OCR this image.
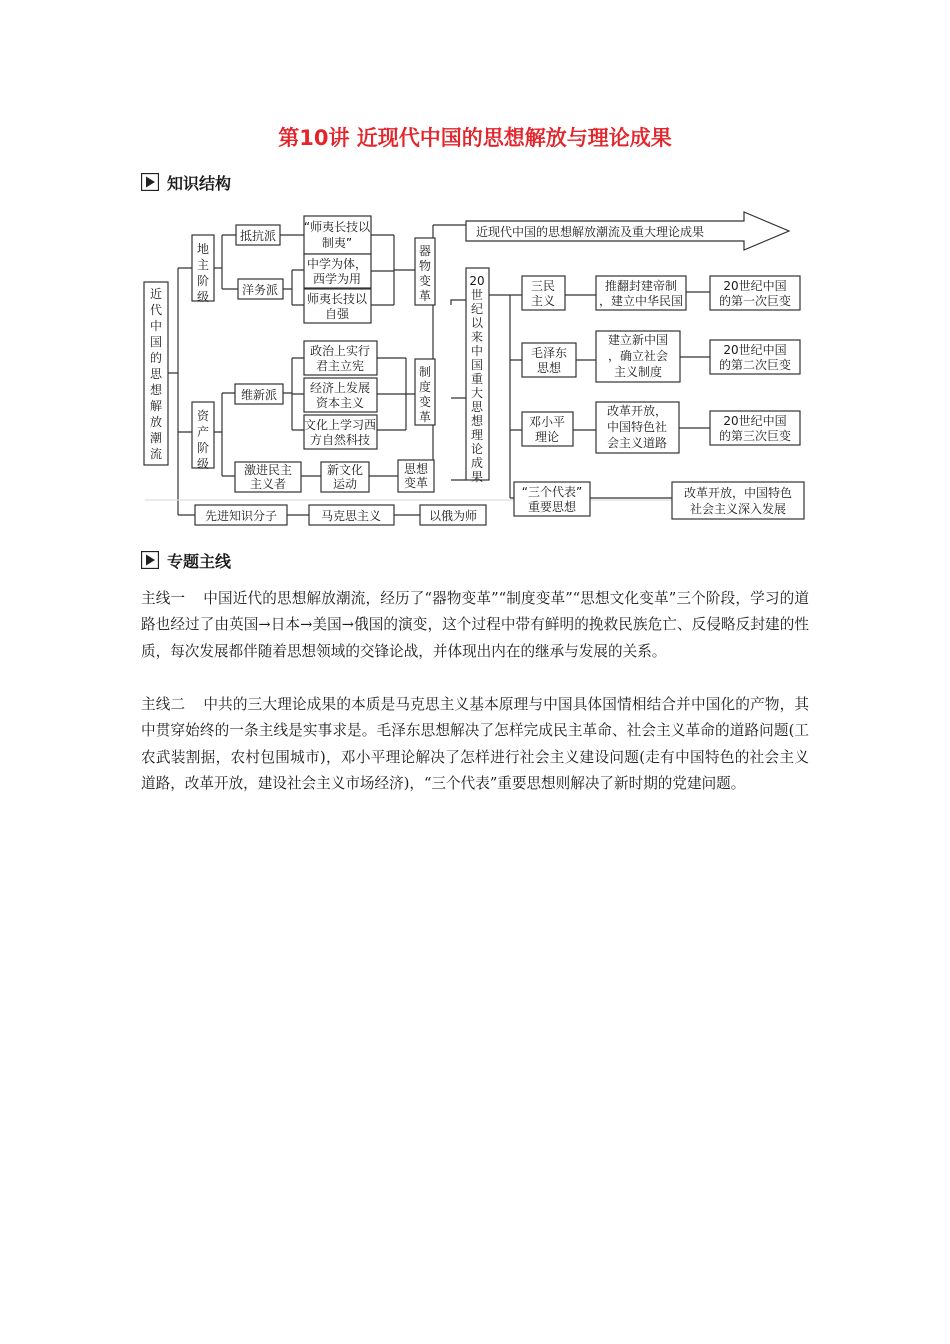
第10讲 近现代中国的思想解放与理论成果
知识结构
近现代中国的思想解放潮流及重大理论成果
近代中国的思想解放潮流
地主阶级
资产阶级
抵抗派
洋务派
“师夷长技以制夷”
中学为体，西学为用
师夷长技以自强
维新派
激进民主主义者
政治上实行君主立宪
经济上发展资本主义
文化上学习西方自然科技
新文化运动
器物变革
制度变革
思想变革
20 世纪以来中国重大思想理论成果
三民主义
推翻封建帝制，建立中华民国
20世纪中国的第一次巨变
毛泽东思想
建立新中国，确立社会主义制度
20世纪中国的第二次巨变
邓小平理论
改革开放，中国特色社会主义道路
20世纪中国的第三次巨变
“三个代表”重要思想
改革开放，中国特色社会主义深入发展
先进知识分子	马克思主义	以俄为师
专题主线
主线一 中国近代的思想解放潮流，经历了“器物变革”“制度变革”“思想文化变革”三个阶段，学习的道路也经过了由英国→日本→美国→俄国的演变，这个过程中带有鲜明的挽救民族危亡、反侵略反封建的性质，每次发展都伴随着思想领域的交锋论战，并体现出内在的继承与发展的关系。
主线二 中共的三大理论成果的本质是马克思主义基本原理与中国具体国情相结合并中国化的产物，其中贯穿始终的一条主线是实事求是。毛泽东思想解决了怎样完成民主革命、社会主义革命的道路问题(工农武装割据，农村包围城市)，邓小平理论解决了怎样进行社会主义建设问题(走有中国特色的社会主义道路，改革开放，建设社会主义市场经济)，“三个代表”重要思想则解决了新时期的党建问题。
